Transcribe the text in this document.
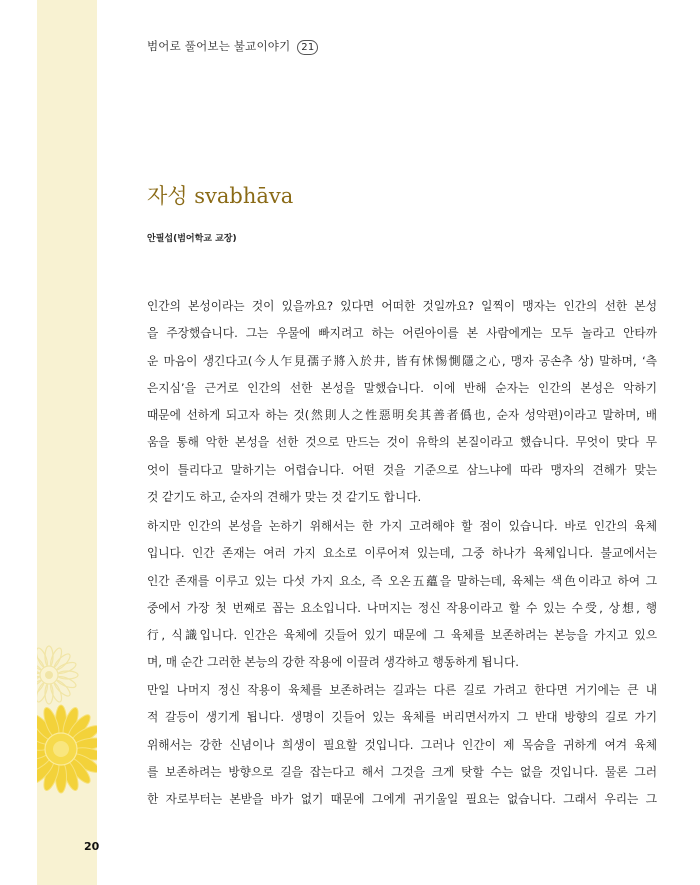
범어로 풀어보는 불교이야기 21
자성 svabhāva
안필섭(범어학교 교장)
인간의 본성이라는 것이 있을까요? 있다면 어떠한 것일까요? 일찍이 맹자는 인간의 선한 본성
을 주장했습니다. 그는 우물에 빠지려고 하는 어린아이를 본 사람에게는 모두 놀라고 안타까
운 마음이 생긴다고(今人乍見孺子將入於井, 皆有怵惕惻隱之心, 맹자 공손추 상) 말하며, ‘측
은지심’을 근거로 인간의 선한 본성을 말했습니다. 이에 반해 순자는 인간의 본성은 악하기
때문에 선하게 되고자 하는 것(然則人之性惡明矣其善者僞也, 순자 성악편)이라고 말하며, 배
움을 통해 악한 본성을 선한 것으로 만드는 것이 유학의 본질이라고 했습니다. 무엇이 맞다 무
엇이 틀리다고 말하기는 어렵습니다. 어떤 것을 기준으로 삼느냐에 따라 맹자의 견해가 맞는
것 같기도 하고, 순자의 견해가 맞는 것 같기도 합니다.
하지만 인간의 본성을 논하기 위해서는 한 가지 고려해야 할 점이 있습니다. 바로 인간의 육체
입니다. 인간 존재는 여러 가지 요소로 이루어져 있는데, 그중 하나가 육체입니다. 불교에서는
인간 존재를 이루고 있는 다섯 가지 요소, 즉 오온五蘊을 말하는데, 육체는 색色이라고 하여 그
중에서 가장 첫 번째로 꼽는 요소입니다. 나머지는 정신 작용이라고 할 수 있는 수受, 상想, 행
行, 식識입니다. 인간은 육체에 깃들어 있기 때문에 그 육체를 보존하려는 본능을 가지고 있으
며, 매 순간 그러한 본능의 강한 작용에 이끌려 생각하고 행동하게 됩니다.
만일 나머지 정신 작용이 육체를 보존하려는 길과는 다른 길로 가려고 한다면 거기에는 큰 내
적 갈등이 생기게 됩니다. 생명이 깃들어 있는 육체를 버리면서까지 그 반대 방향의 길로 가기
위해서는 강한 신념이나 희생이 필요할 것입니다. 그러나 인간이 제 목숨을 귀하게 여겨 육체
를 보존하려는 방향으로 길을 잡는다고 해서 그것을 크게 탓할 수는 없을 것입니다. 물론 그러
한 자로부터는 본받을 바가 없기 때문에 그에게 귀기울일 필요는 없습니다. 그래서 우리는 그
20
